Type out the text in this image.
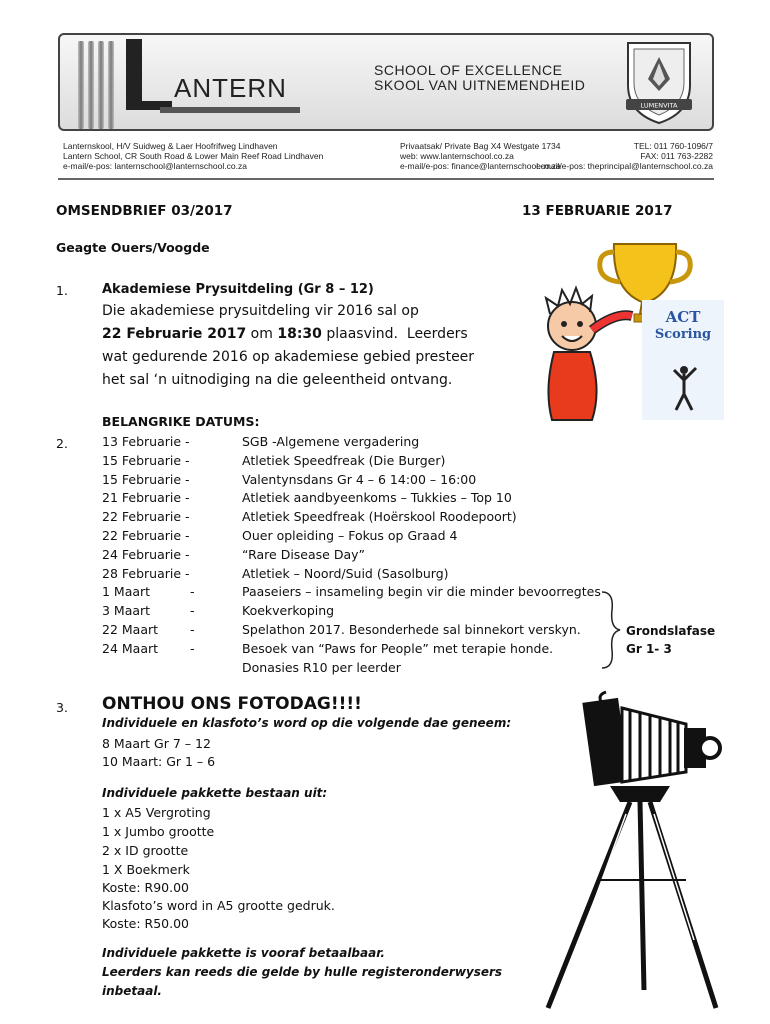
ANTERN
SCHOOL OF EXCELLENCE
SKOOL VAN UITNEMENDHEID
LUMENVITA
Lanternskool, H/V Suidweg & Laer Hoofrifweg Lindhaven
Lantern School, CR South Road & Lower Main Reef Road Lindhaven
e-mail/e-pos: lanternschool@lanternschool.co.za
Privaatsak/ Private Bag X4 Westgate 1734
web: www.lanternschool.co.za
e-mail/e-pos: finance@lanternschool.co.za
TEL: 011 760-1096/7
FAX: 011 763-2282
e-mail/e-pos: theprincipal@lanternschool.co.za
OMSENDBRIEF 03/2017	13 FEBRUARIE 2017
Geagte Ouers/Voogde
1.	Akademiese Prysuitdeling (Gr 8 – 12)
Die akademiese prysuitdeling vir 2016 sal op
22 Februarie 2017 om 18:30 plaasvind.  Leerders
wat gedurende 2016 op akademiese gebied presteer
het sal ‘n uitnodiging na die geleentheid ontvang.
ACT
Scoring
BELANGRIKE DATUMS:
2.	13 Februarie -	SGB -Algemene vergadering
15 Februarie -	Atletiek Speedfreak (Die Burger)
15 Februarie -	Valentynsdans Gr 4 – 6 14:00 – 16:00
21 Februarie -	Atletiek aandbyeenkoms – Tukkies – Top 10
22 Februarie -	Atletiek Speedfreak (Hoërskool Roodepoort)
22 Februarie -	Ouer opleiding – Fokus op Graad 4
24 Februarie -	“Rare Disease Day”
28 Februarie -	Atletiek – Noord/Suid (Sasolburg)
1 Maart	-	Paaseiers – insameling begin vir die minder bevoorregtes
3 Maart	-	Koekverkoping
22 Maart	-	Spelathon 2017. Besonderhede sal binnekort verskyn.
24 Maart	-	Besoek van “Paws for People” met terapie honde.
Donasies R10 per leerder
Grondslafase
Gr 1- 3
3. ONTHOU ONS FOTODAG!!!!
Individuele en klasfoto’s word op die volgende dae geneem:
8 Maart Gr 7 – 12
10 Maart: Gr 1 – 6
Individuele pakkette bestaan uit:
1 x A5 Vergroting
1 x Jumbo grootte
2 x ID grootte
1 X Boekmerk
Koste: R90.00
Klasfoto’s word in A5 grootte gedruk.
Koste: R50.00
Individuele pakkette is vooraf betaalbaar.
Leerders kan reeds die gelde by hulle registeronderwysers
inbetaal.
